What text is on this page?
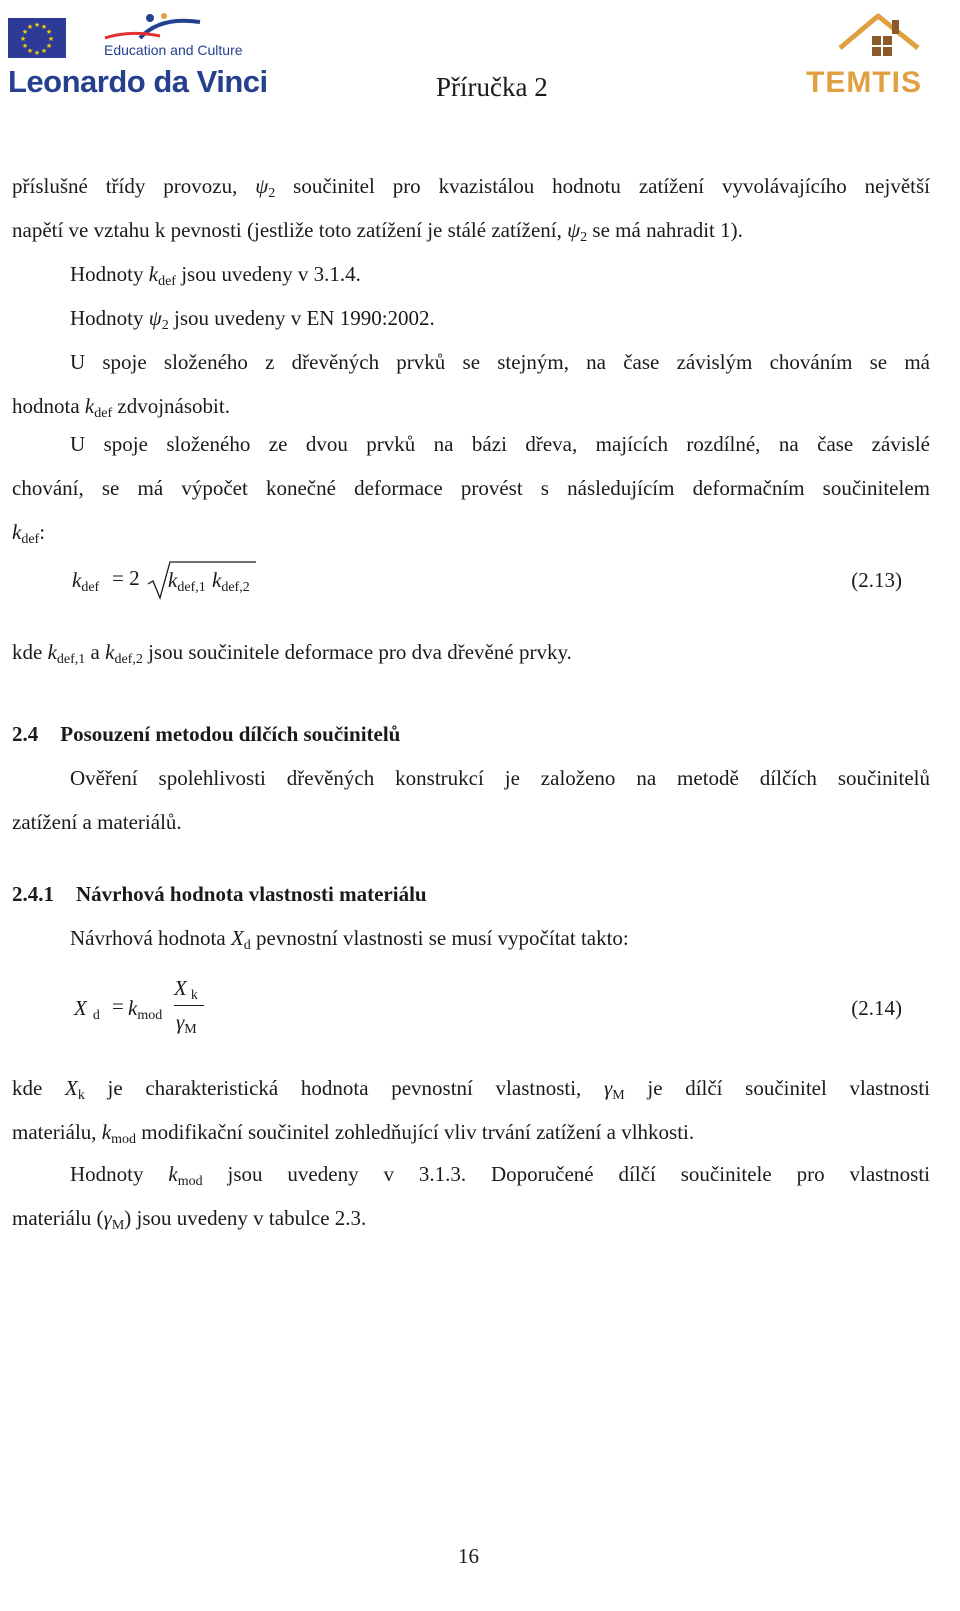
★ ★
★
★
★
★
★
★
★
★
★
★
Education and Culture
Leonardo da Vinci	Příručka 2	TEMTIS

příslušné třídy provozu, $\psi_2$ součinitel pro kvazistálou hodnotu zatížení vyvolávajícího největší

napětí ve vztahu k pevnosti (jestliže toto zatížení je stálé zatížení, $\psi_2$ se má nahradit 1).

Hodnoty $k_{def}$ jsou uvedeny v 3.1.4.

Hodnoty $\psi_2$ jsou uvedeny v EN 1990:2002.

U spoje složeného z dřevěných prvků se stejným, na čase závislým chováním se má

hodnota $k_{def}$ zdvojnásobit.

U spoje složeného ze dvou prvků na bázi dřeva, majících rozdílné, na čase závislé

chování, se má výpočet konečné deformace provést s následujícím deformačním součinitelem

$k_{def}$:

$k_{def} = 2$ $k_{def,1}$ $k_{def,2}$	(2.13)

kde $k_{def,1}$ a $k_{def,2}$ jsou součinitele deformace pro dva dřevěné prvky.

2.4 Posouzení metodou dílčích součinitelů

Ověření spolehlivosti dřevěných konstrukcí je založeno na metodě dílčích součinitelů

zatížení a materiálů.

2.4.1 Návrhová hodnota vlastnosti materiálu

Návrhová hodnota $X_d$ pevnostní vlastnosti se musí vypočítat takto:

X $_d = k_{mod}$
X $_k$
$\gamma_M$
(2.14)

kde $X_k$ je charakteristická hodnota pevnostní vlastnosti, $\gamma_M$ je dílčí součinitel vlastnosti

materiálu, $k_{mod}$ modifikační součinitel zohledňující vliv trvání zatížení a vlhkosti.

Hodnoty $k_{mod}$ jsou uvedeny v 3.1.3. Doporučené dílčí součinitele pro vlastnosti

materiálu $(\gamma_M)$ jsou uvedeny v tabulce 2.3.

16
